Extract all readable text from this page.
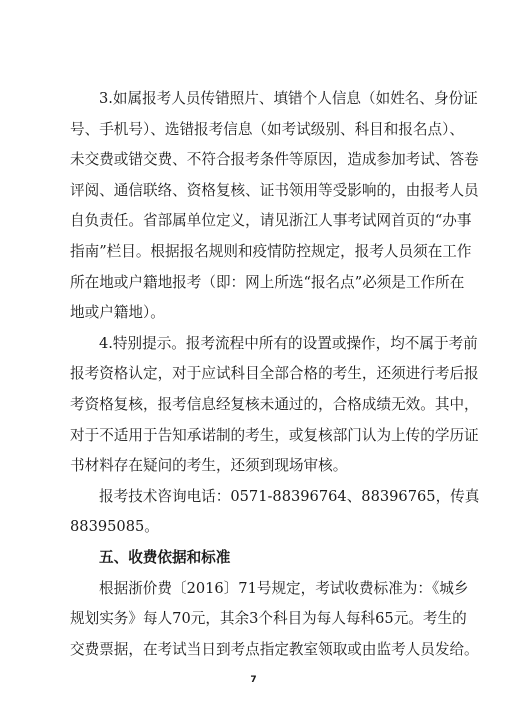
3.如属报考人员传错照片、填错个人信息（如姓名、身份证
号、手机号）、选错报考信息（如考试级别、科目和报名点）、
未交费或错交费、不符合报考条件等原因，造成参加考试、答卷
评阅、通信联络、资格复核、证书领用等受影响的，由报考人员
自负责任。省部属单位定义，请见浙江人事考试网首页的“办事
指南”栏目。根据报名规则和疫情防控规定，报考人员须在工作
所在地或户籍地报考（即：网上所选“报名点”必须是工作所在
地或户籍地）。
4.特别提示。报考流程中所有的设置或操作，均不属于考前
报考资格认定，对于应试科目全部合格的考生，还须进行考后报
考资格复核，报考信息经复核未通过的，合格成绩无效。其中，
对于不适用于告知承诺制的考生，或复核部门认为上传的学历证
书材料存在疑问的考生，还须到现场审核。
报考技术咨询电话：0571-88396764、88396765，传真
88395085。
五、收费依据和标准
根据浙价费〔2016〕71号规定，考试收费标准为：《城乡
规划实务》每人70元，其余3个科目为每人每科65元。考生的
交费票据，在考试当日到考点指定教室领取或由监考人员发给。
7
